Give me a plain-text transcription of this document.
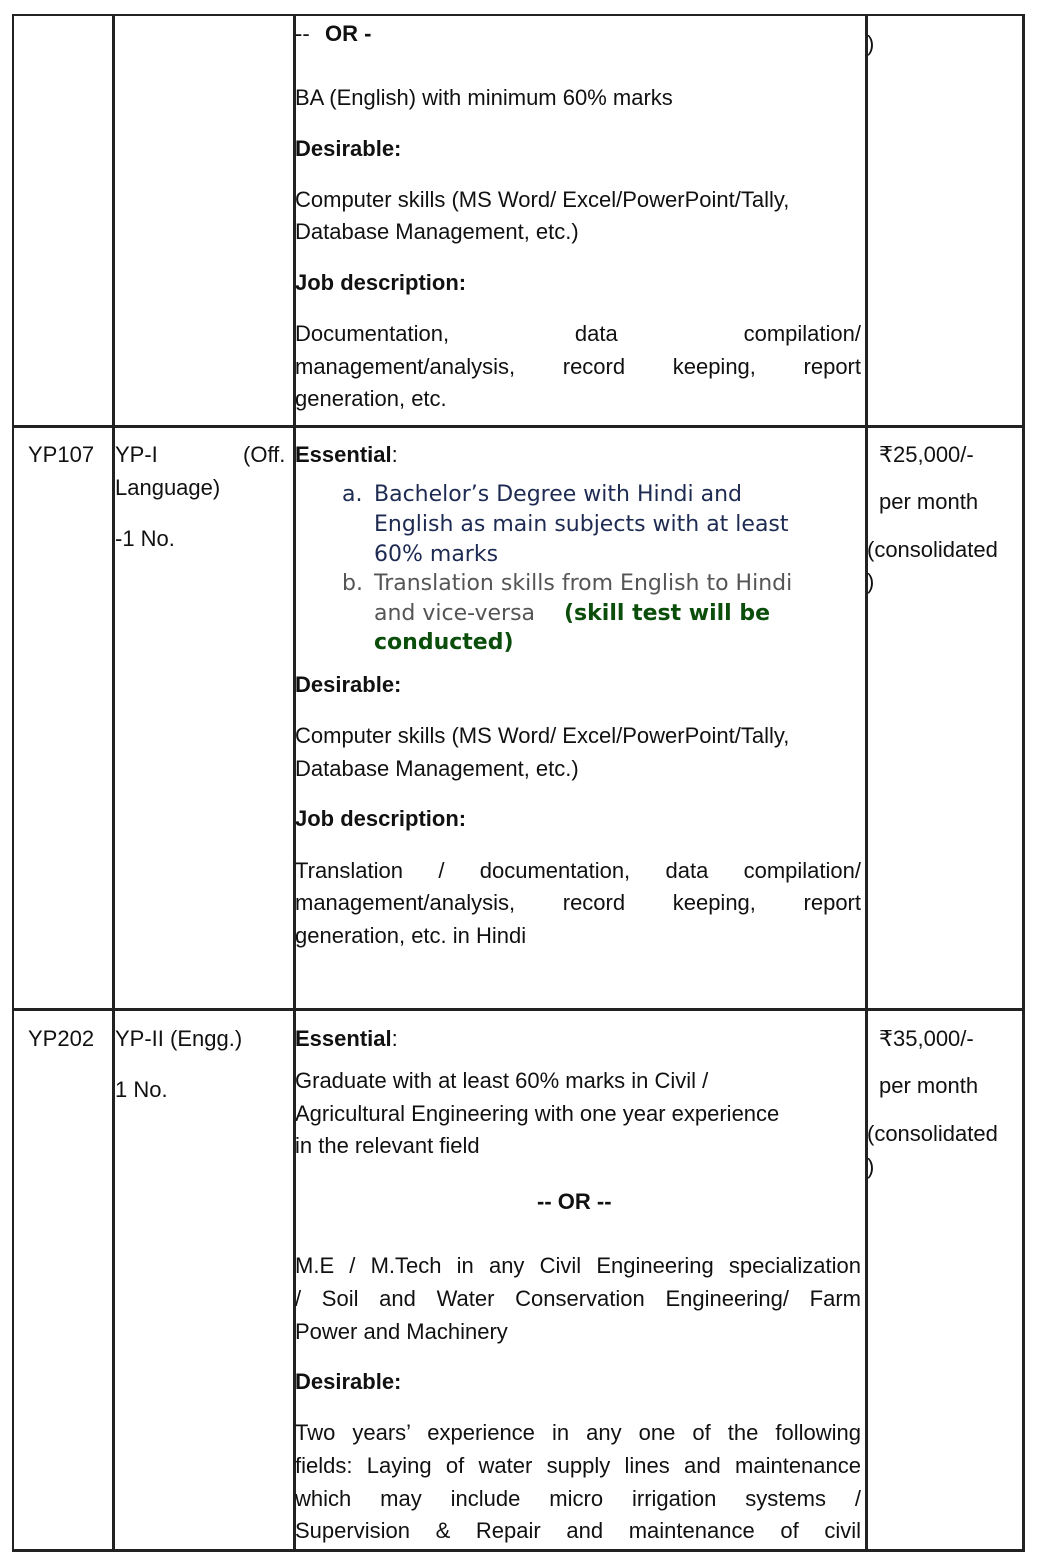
-- OR -
BA (English) with minimum 60% marks
Desirable:
Computer skills (MS Word/ Excel/PowerPoint/Tally,
Database Management, etc.)
Job description:
Documentation, data compilation/
management/analysis, record keeping, report
generation, etc.
)
YP107 YP-I	(Off.
Language)
-1 No.
Essential:
a. Bachelor’s Degree with Hindi and
English as main subjects with at least
60% marks
b. Translation skills from English to Hindi
and vice-versa (skill test will be
conducted)
Desirable:
Computer skills (MS Word/ Excel/PowerPoint/Tally,
Database Management, etc.)
Job description:
Translation / documentation, data compilation/
management/analysis, record keeping, report
generation, etc. in Hindi
₹25,000/-
per month
(consolidated
)
YP202 YP-II (Engg.)
1 No.
Essential:
Graduate with at least 60% marks in Civil /
Agricultural Engineering with one year experience
in the relevant field
-- OR --
M.E / M.Tech in any Civil Engineering specialization
/ Soil and Water Conservation Engineering/ Farm
Power and Machinery
Desirable:
Two years’ experience in any one of the following
fields: Laying of water supply lines and maintenance
which may include micro irrigation systems /
Supervision & Repair and maintenance of civil
₹35,000/-
per month
(consolidated
)
